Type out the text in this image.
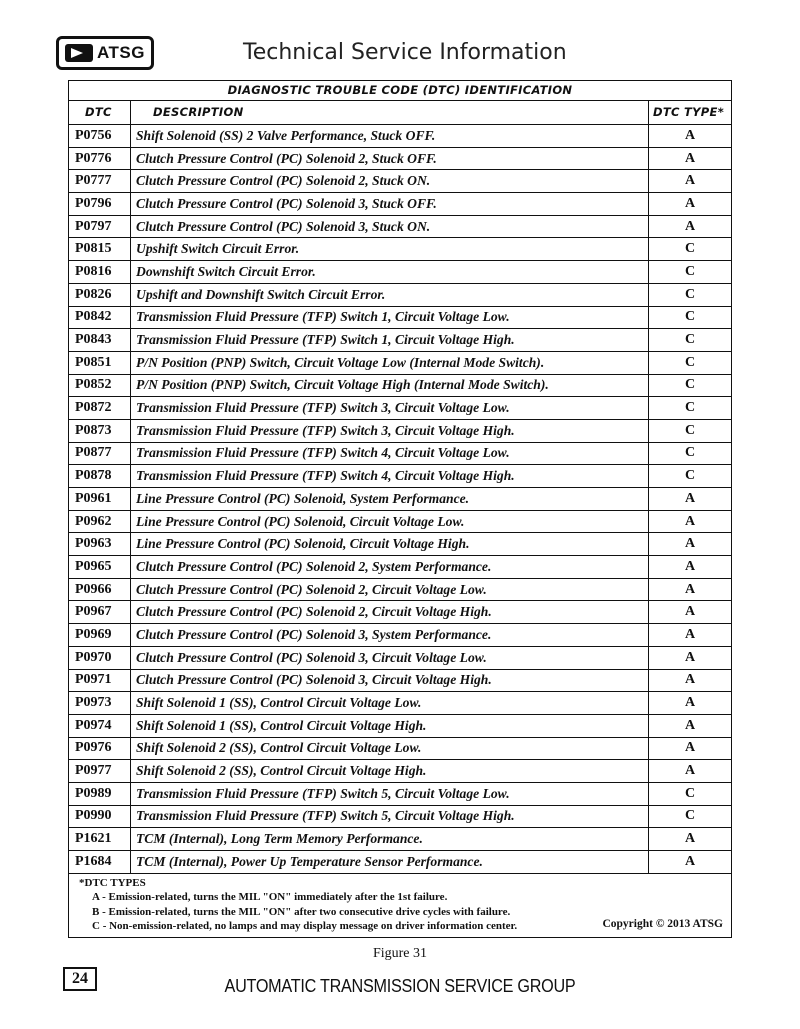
ATSG	Technical Service Information
DIAGNOSTIC TROUBLE CODE (DTC) IDENTIFICATION
DTC	DESCRIPTION	DTC TYPE*
P0756	Shift Solenoid (SS) 2 Valve Performance, Stuck OFF.	A
P0776	Clutch Pressure Control (PC) Solenoid 2, Stuck OFF.	A
P0777	Clutch Pressure Control (PC) Solenoid 2, Stuck ON.	A
P0796	Clutch Pressure Control (PC) Solenoid 3, Stuck OFF.	A
P0797	Clutch Pressure Control (PC) Solenoid 3, Stuck ON.	A
P0815	Upshift Switch Circuit Error.	C
P0816	Downshift Switch Circuit Error.	C
P0826	Upshift and Downshift Switch Circuit Error.	C
P0842	Transmission Fluid Pressure (TFP) Switch 1, Circuit Voltage Low.	C
P0843	Transmission Fluid Pressure (TFP) Switch 1, Circuit Voltage High.	C
P0851	P/N Position (PNP) Switch, Circuit Voltage Low (Internal Mode Switch).	C
P0852	P/N Position (PNP) Switch, Circuit Voltage High (Internal Mode Switch).	C
P0872	Transmission Fluid Pressure (TFP) Switch 3, Circuit Voltage Low.	C
P0873	Transmission Fluid Pressure (TFP) Switch 3, Circuit Voltage High.	C
P0877	Transmission Fluid Pressure (TFP) Switch 4, Circuit Voltage Low.	C
P0878	Transmission Fluid Pressure (TFP) Switch 4, Circuit Voltage High.	C
P0961	Line Pressure Control (PC) Solenoid, System Performance.	A
P0962	Line Pressure Control (PC) Solenoid, Circuit Voltage Low.	A
P0963	Line Pressure Control (PC) Solenoid, Circuit Voltage High.	A
P0965	Clutch Pressure Control (PC) Solenoid 2, System Performance.	A
P0966	Clutch Pressure Control (PC) Solenoid 2, Circuit Voltage Low.	A
P0967	Clutch Pressure Control (PC) Solenoid 2, Circuit Voltage High.	A
P0969	Clutch Pressure Control (PC) Solenoid 3, System Performance.	A
P0970	Clutch Pressure Control (PC) Solenoid 3, Circuit Voltage Low.	A
P0971	Clutch Pressure Control (PC) Solenoid 3, Circuit Voltage High.	A
P0973	Shift Solenoid 1 (SS), Control Circuit Voltage Low.	A
P0974	Shift Solenoid 1 (SS), Control Circuit Voltage High.	A
P0976	Shift Solenoid 2 (SS), Control Circuit Voltage Low.	A
P0977	Shift Solenoid 2 (SS), Control Circuit Voltage High.	A
P0989	Transmission Fluid Pressure (TFP) Switch 5, Circuit Voltage Low.	C
P0990	Transmission Fluid Pressure (TFP) Switch 5, Circuit Voltage High.	C
P1621	TCM (Internal), Long Term Memory Performance.	A
P1684	TCM (Internal), Power Up Temperature Sensor Performance.	A
*DTC TYPES
A - Emission-related, turns the MIL "ON" immediately after the 1st failure.
B - Emission-related, turns the MIL "ON" after two consecutive drive cycles with failure.
C - Non-emission-related, no lamps and may display message on driver information center.	Copyright © 2013 ATSG
Figure 31
24	AUTOMATIC TRANSMISSION SERVICE GROUP
